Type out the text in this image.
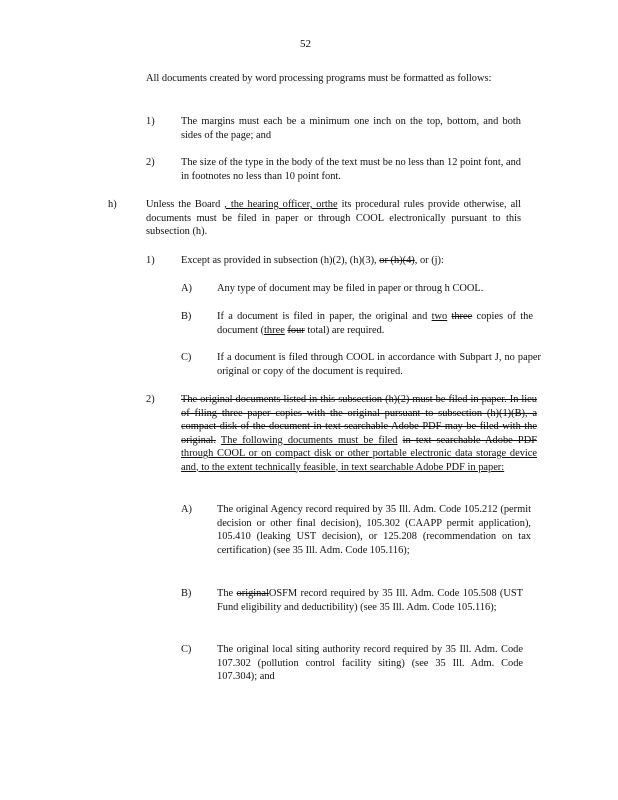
52
All documents created by word processing programs must be formatted as follows:
1)	The margins must each be a minimum one inch on the top, bottom, and both sides of the page; and
2)	The size of the type in the body of the text must be no less than 12 point font, and in footnotes no less than 10 point font.
h)	Unless the Board , the hearing officer, orthe its procedural rules provide otherwise, all documents must be filed in paper or through COOL electronically pursuant to this subsection (h).
1)	Except as provided in subsection (h)(2), (h)(3), or (h)(4), or (j):
A) Any type of document may be filed in paper or throug h COOL.
B) If a document is filed in paper, the original and two three copies of the document (three four total) are required.
C) If a document is filed through COOL in accordance with Subpart J, no paper original or copy of the document is required.
2)	The original documents listed in this subsection (h)(2) must be filed in paper. In lieu of filing three paper copies with the original pursuant to subsection (h)(1)(B), a compact disk of the document in text searchable Adobe PDF may be filed with the original. The following documents must be filed in text searchable Adobe PDF through COOL or on compact disk or other portable electronic data storage device and, to the extent technically feasible, in text searchable Adobe PDF in paper:
A) The original Agency record required by 35 Ill. Adm. Code 105.212 (permit decision or other final decision), 105.302 (CAAPP permit application), 105.410 (leaking UST decision), or 125.208 (recommendation on tax certification) (see 35 Ill. Adm. Code 105.116);
B) The originalOSFM record required by 35 Ill. Adm. Code 105.508 (UST Fund eligibility and deductibility) (see 35 Ill. Adm. Code 105.116);
C) The original local siting authority record required by 35 Ill. Adm. Code 107.302 (pollution control facility siting) (see 35 Ill. Adm. Code 107.304); and
